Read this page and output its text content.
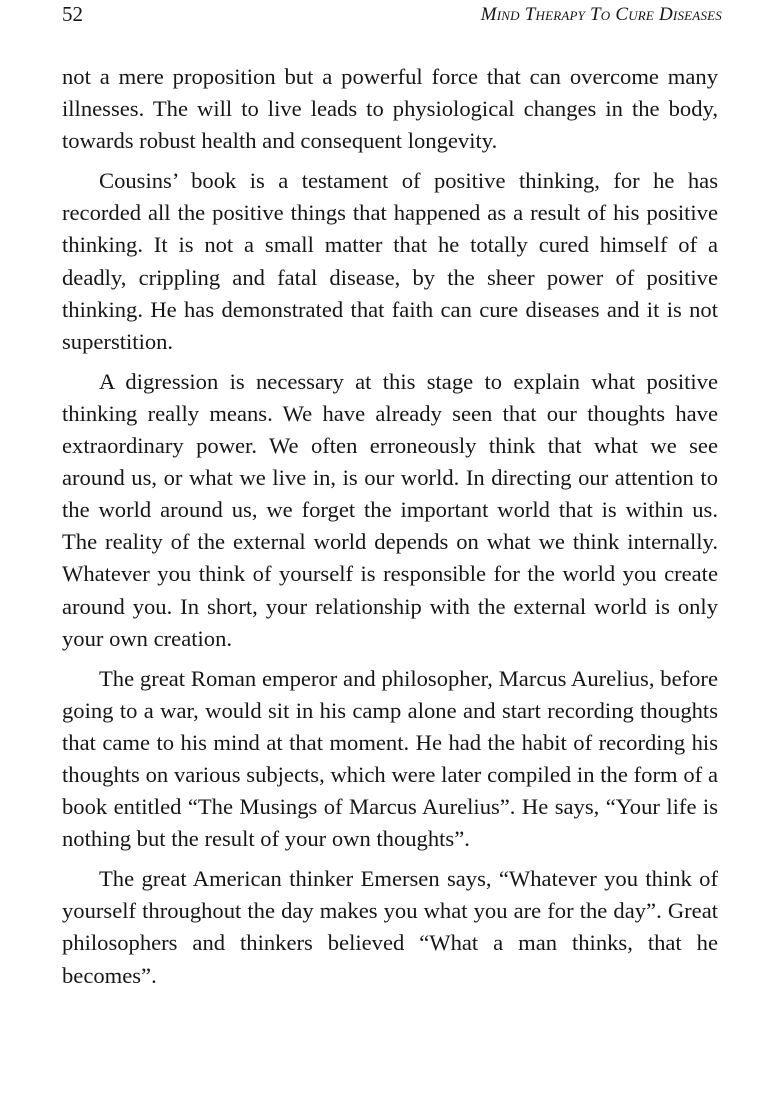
52	Mind Therapy To Cure Diseases

not a mere proposition but a powerful force that can overcome many illnesses. The will to live leads to physiological changes in the body, towards robust health and consequent longevity.

Cousins’ book is a testament of positive thinking, for he has recorded all the positive things that happened as a result of his positive thinking. It is not a small matter that he totally cured himself of a deadly, crippling and fatal disease, by the sheer power of positive thinking. He has demonstrated that faith can cure diseases and it is not superstition.

A digression is necessary at this stage to explain what positive thinking really means. We have already seen that our thoughts have extraordinary power. We often erroneously think that what we see around us, or what we live in, is our world. In directing our attention to the world around us, we forget the important world that is within us. The reality of the external world depends on what we think internally. Whatever you think of yourself is responsible for the world you create around you. In short, your relationship with the external world is only your own creation.

The great Roman emperor and philosopher, Marcus Aurelius, before going to a war, would sit in his camp alone and start recording thoughts that came to his mind at that moment. He had the habit of recording his thoughts on various subjects, which were later compiled in the form of a book entitled “The Musings of Marcus Aurelius”. He says, “Your life is nothing but the result of your own thoughts”.

The great American thinker Emersen says, “Whatever you think of yourself throughout the day makes you what you are for the day”. Great philosophers and thinkers believed “What a man thinks, that he becomes”.
